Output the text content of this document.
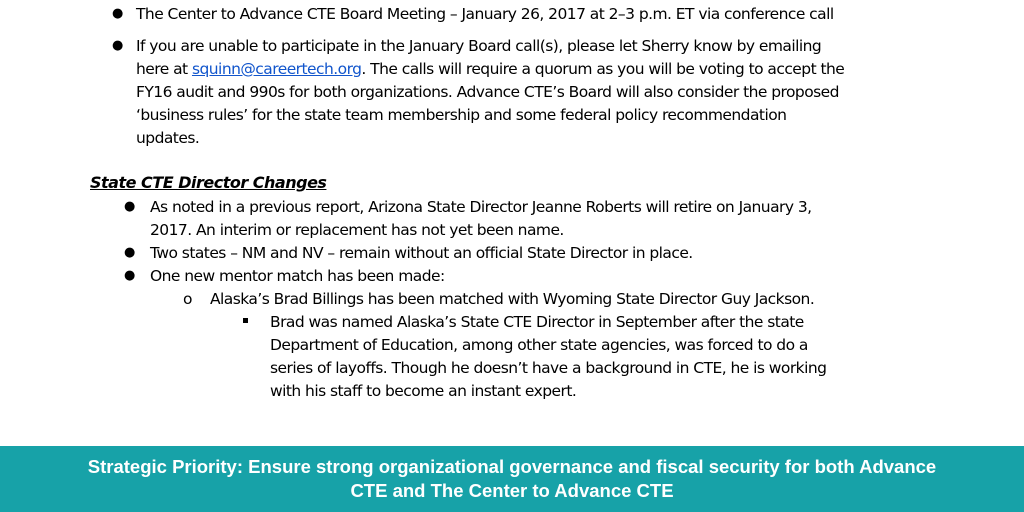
● The Center to Advance CTE Board Meeting – January 26, 2017 at 2–3 p.m. ET via conference call
● If you are unable to participate in the January Board call(s), please let Sherry know by emailing
here at squinn@careertech.org. The calls will require a quorum as you will be voting to accept the
FY16 audit and 990s for both organizations. Advance CTE’s Board will also consider the proposed
‘business rules’ for the state team membership and some federal policy recommendation
updates.
State CTE Director Changes
● As noted in a previous report, Arizona State Director Jeanne Roberts will retire on January 3,
2017. An interim or replacement has not yet been name.
● Two states – NM and NV – remain without an official State Director in place.
● One new mentor match has been made:
o Alaska’s Brad Billings has been matched with Wyoming State Director Guy Jackson.
Brad was named Alaska’s State CTE Director in September after the state
Department of Education, among other state agencies, was forced to do a
series of layoffs. Though he doesn’t have a background in CTE, he is working
with his staff to become an instant expert.
Strategic Priority: Ensure strong organizational governance and fiscal security for both Advance
CTE and The Center to Advance CTE
